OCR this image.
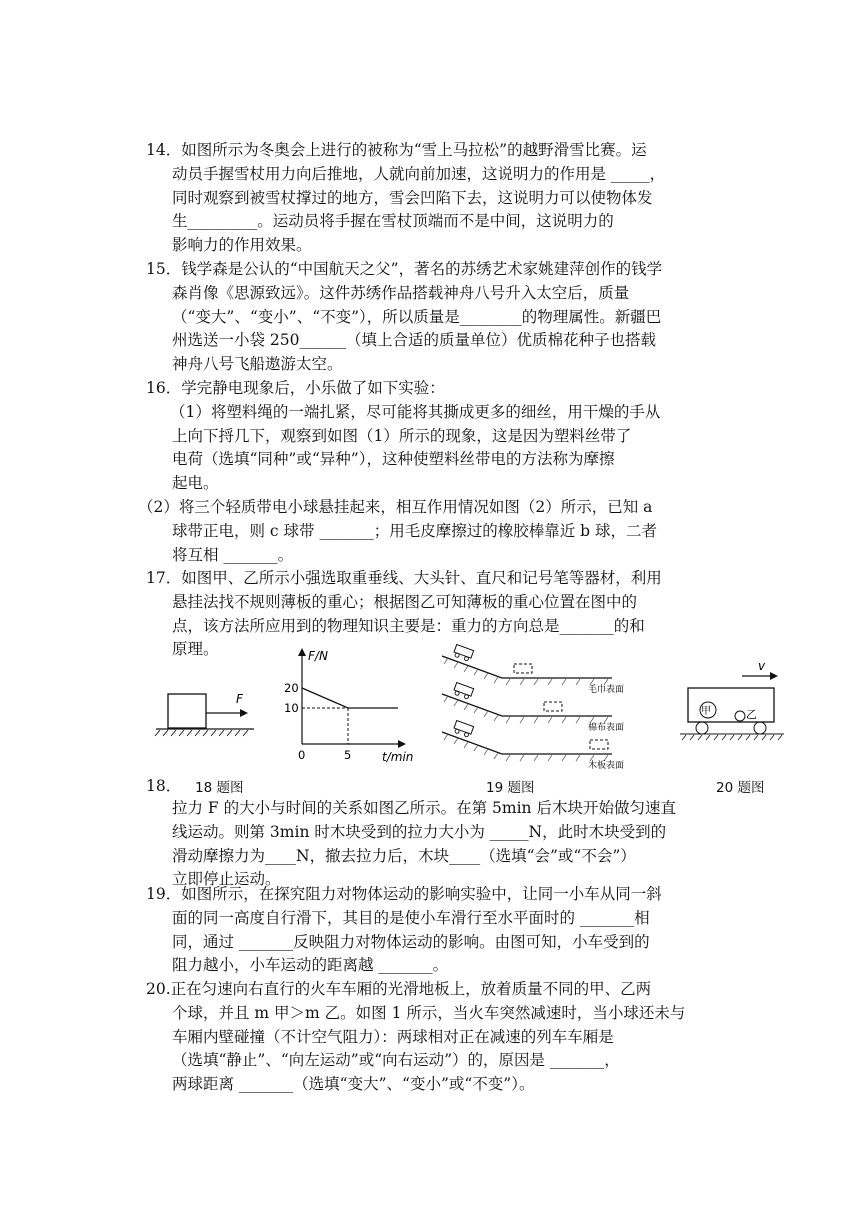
14．如图所示为冬奥会上进行的被称为“雪上马拉松”的越野滑雪比赛。运
动员手握雪杖用力向后推地，人就向前加速，这说明力的作用是 _____，
同时观察到被雪杖撑过的地方，雪会凹陷下去，这说明力可以使物体发
生_________。运动员将手握在雪杖顶端而不是中间，这说明力的
影响力的作用效果。
15．钱学森是公认的“中国航天之父”，著名的苏绣艺术家姚建萍创作的钱学
森肖像《思源致远》。这件苏绣作品搭载神舟八号升入太空后，质量
（“变大”、“变小”、“不变”），所以质量是________的物理属性。新疆巴
州选送一小袋 250______（填上合适的质量单位）优质棉花种子也搭载
神舟八号飞船遨游太空。
16．学完静电现象后，小乐做了如下实验：
（1）将塑料绳的一端扎紧，尽可能将其撕成更多的细丝，用干燥的手从
上向下捋几下，观察到如图（1）所示的现象，这是因为塑料丝带了
电荷（选填“同种”或“异种”），这种使塑料丝带电的方法称为摩擦
起电。
（2）将三个轻质带电小球悬挂起来，相互作用情况如图（2）所示，已知 a
球带正电，则 c 球带 _______；用毛皮摩擦过的橡胶棒靠近 b 球，二者
将互相 _______。
17．如图甲、乙所示小强选取重垂线、大头针、直尺和记号笔等器材，利用
悬挂法找不规则薄板的重心；根据图乙可知薄板的重心位置在图中的
点，该方法所应用到的物理知识主要是：重力的方向总是_______的和
原理。
F
F/N
t/min
20
10
0	5
毛巾表面
棉布表面
木板表面
v
甲	乙
18． 18 题图	19 题图	20 题图
拉力 F 的大小与时间的关系如图乙所示。在第 5min 后木块开始做匀速直
线运动。则第 3min 时木块受到的拉力大小为 _____N，此时木块受到的
滑动摩擦力为____N，撤去拉力后，木块____（选填“会”或“不会”）
立即停止运动。
19．如图所示，在探究阻力对物体运动的影响实验中，让同一小车从同一斜
面的同一高度自行滑下，其目的是使小车滑行至水平面时的 _______相
同，通过 _______反映阻力对物体运动的影响。由图可知，小车受到的
阻力越小，小车运动的距离越 _______。
20.正在匀速向右直行的火车车厢的光滑地板上，放着质量不同的甲、乙两
个球，并且 m 甲＞m 乙。如图 1 所示，当火车突然减速时，当小球还未与
车厢内壁碰撞（不计空气阻力）：两球相对正在减速的列车车厢是
（选填“静止”、“向左运动”或“向右运动”）的，原因是 _______，
两球距离 _______（选填“变大”、“变小”或“不变”）。
